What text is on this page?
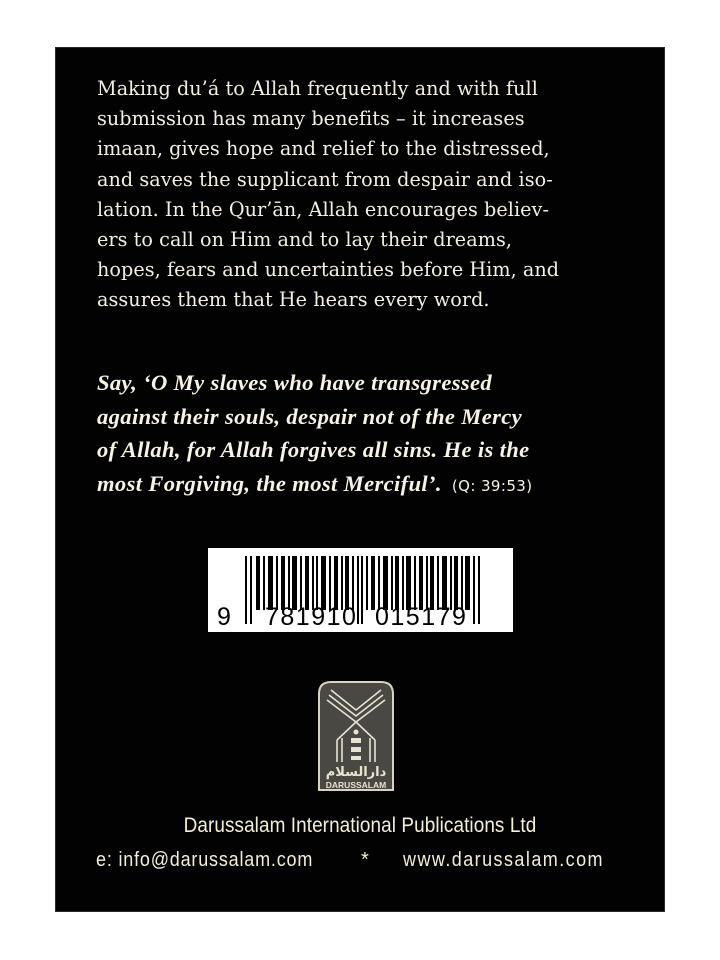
Making du’á to Allah frequently and with full
submission has many benefits – it increases
imaan, gives hope and relief to the distressed,
and saves the supplicant from despair and iso-
lation. In the Qur’ān, Allah encourages believ-
ers to call on Him and to lay their dreams,
hopes, fears and uncertainties before Him, and
assures them that He hears every word.
Say, ‘O My slaves who have transgressed
against their souls, despair not of the Mercy
of Allah, for Allah forgives all sins. He is the
most Forgiving, the most Merciful’. (Q: 39:53)
9 781910 015179
دارالسلام
DARUSSALAM
Darussalam International Publications Ltd
e: info@darussalam.com * www.darussalam.com
